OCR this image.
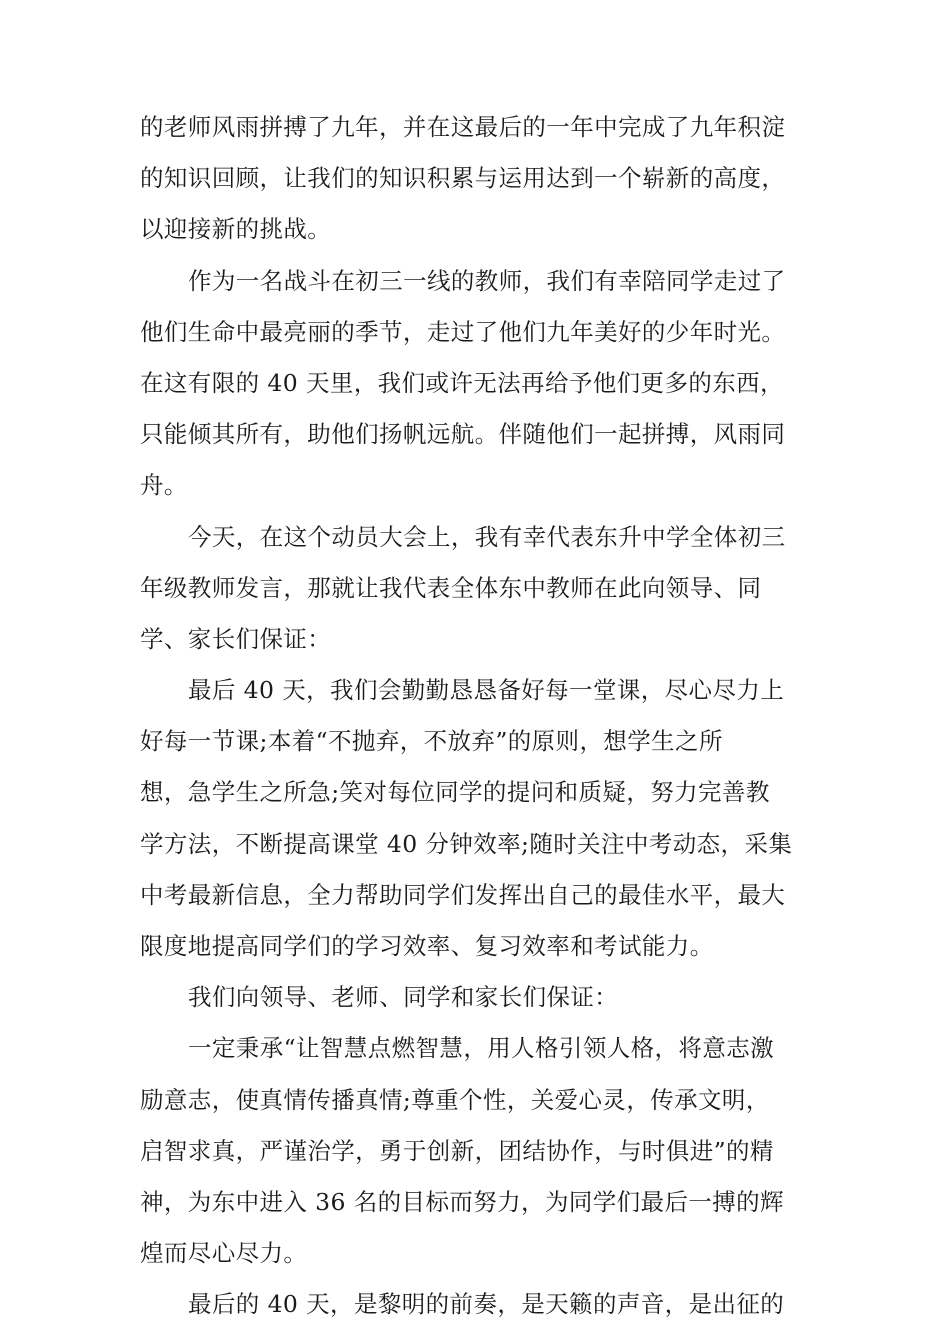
的老师风雨拼搏了九年，并在这最后的一年中完成了九年积淀
的知识回顾，让我们的知识积累与运用达到一个崭新的高度，
以迎接新的挑战。
作为一名战斗在初三一线的教师，我们有幸陪同学走过了
他们生命中最亮丽的季节，走过了他们九年美好的少年时光。
在这有限的 40 天里，我们或许无法再给予他们更多的东西，
只能倾其所有，助他们扬帆远航。伴随他们一起拼搏，风雨同
舟。
今天，在这个动员大会上，我有幸代表东升中学全体初三
年级教师发言，那就让我代表全体东中教师在此向领导、同
学、家长们保证：
最后 40 天，我们会勤勤恳恳备好每一堂课，尽心尽力上
好每一节课;本着“不抛弃，不放弃”的原则，想学生之所
想，急学生之所急;笑对每位同学的提问和质疑，努力完善教
学方法，不断提高课堂 40 分钟效率;随时关注中考动态，采集
中考最新信息，全力帮助同学们发挥出自己的最佳水平，最大
限度地提高同学们的学习效率、复习效率和考试能力。
我们向领导、老师、同学和家长们保证：
一定秉承“让智慧点燃智慧，用人格引领人格，将意志激
励意志，使真情传播真情;尊重个性，关爱心灵，传承文明，
启智求真，严谨治学，勇于创新，团结协作，与时俱进”的精
神，为东中进入 36 名的目标而努力，为同学们最后一搏的辉
煌而尽心尽力。
最后的 40 天，是黎明的前奏，是天籁的声音，是出征的
